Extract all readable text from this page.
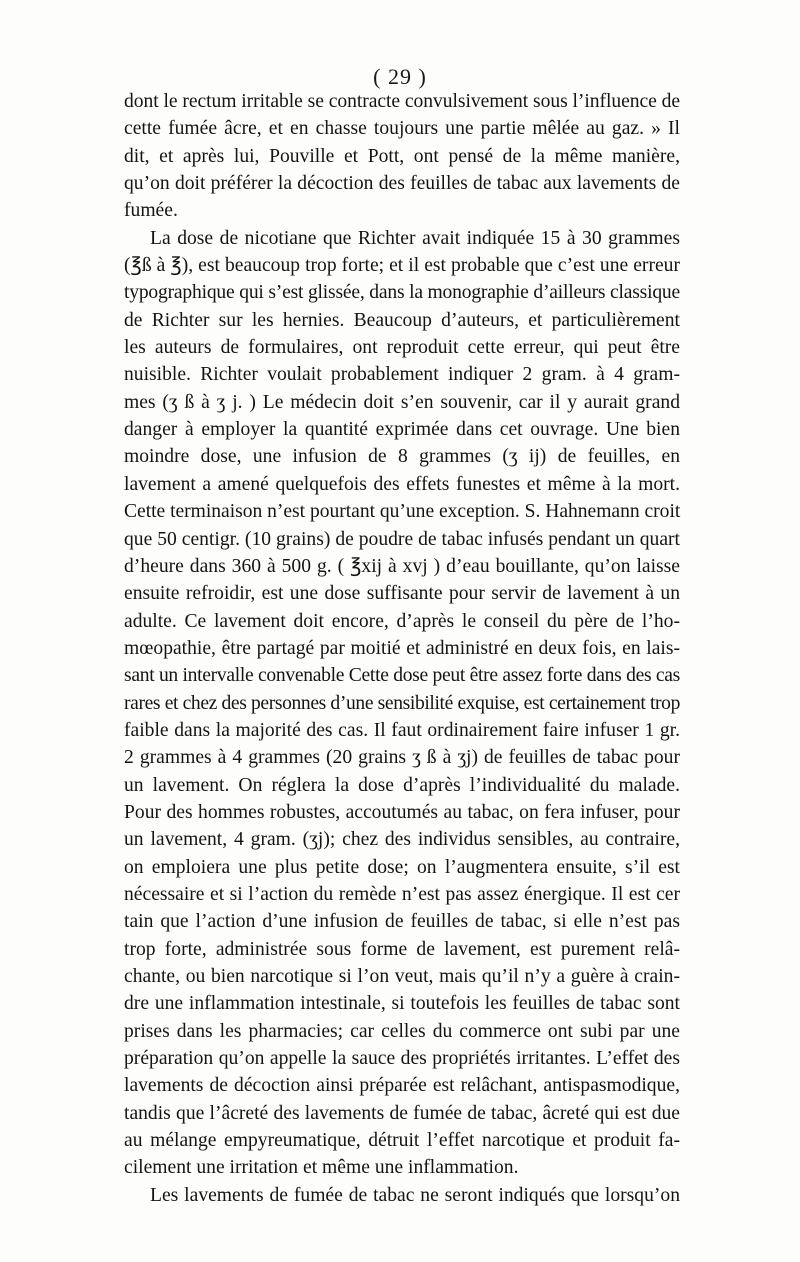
( 29 )
dont le rectum irritable se contracte convulsivement sous l’influence de
cette fumée âcre, et en chasse toujours une partie mêlée au gaz. » Il
dit, et après lui, Pouville et Pott, ont pensé de la même manière,
qu’on doit préférer la décoction des feuilles de tabac aux lavements de
fumée.
La dose de nicotiane que Richter avait indiquée 15 à 30 grammes
(℥ß à ℥), est beaucoup trop forte; et il est probable que c’est une erreur
typographique qui s’est glissée, dans la monographie d’ailleurs classique
de Richter sur les hernies. Beaucoup d’auteurs, et particulièrement
les auteurs de formulaires, ont reproduit cette erreur, qui peut être
nuisible. Richter voulait probablement indiquer 2 gram. à 4 gram-
mes (ʒ ß à ʒ j. ) Le médecin doit s’en souvenir, car il y aurait grand
danger à employer la quantité exprimée dans cet ouvrage. Une bien
moindre dose, une infusion de 8 grammes (ʒ ij) de feuilles, en
lavement a amené quelquefois des effets funestes et même à la mort.
Cette terminaison n’est pourtant qu’une exception. S. Hahnemann croit
que 50 centigr. (10 grains) de poudre de tabac infusés pendant un quart
d’heure dans 360 à 500 g. ( ℥xij à xvj ) d’eau bouillante, qu’on laisse
ensuite refroidir, est une dose suffisante pour servir de lavement à un
adulte. Ce lavement doit encore, d’après le conseil du père de l’ho-
mœopathie, être partagé par moitié et administré en deux fois, en lais-
sant un intervalle convenable Cette dose peut être assez forte dans des cas
rares et chez des personnes d’une sensibilité exquise, est certainement trop
faible dans la majorité des cas. Il faut ordinairement faire infuser 1 gr.
2 grammes à 4 grammes (20 grains ʒ ß à ʒj) de feuilles de tabac pour
un lavement. On réglera la dose d’après l’individualité du malade.
Pour des hommes robustes, accoutumés au tabac, on fera infuser, pour
un lavement, 4 gram. (ʒj); chez des individus sensibles, au contraire,
on emploiera une plus petite dose; on l’augmentera ensuite, s’il est
nécessaire et si l’action du remède n’est pas assez énergique. Il est cer
tain que l’action d’une infusion de feuilles de tabac, si elle n’est pas
trop forte, administrée sous forme de lavement, est purement relâ-
chante, ou bien narcotique si l’on veut, mais qu’il n’y a guère à crain-
dre une inflammation intestinale, si toutefois les feuilles de tabac sont
prises dans les pharmacies; car celles du commerce ont subi par une
préparation qu’on appelle la sauce des propriétés irritantes. L’effet des
lavements de décoction ainsi préparée est relâchant, antispasmodique,
tandis que l’âcreté des lavements de fumée de tabac, âcreté qui est due
au mélange empyreumatique, détruit l’effet narcotique et produit fa-
cilement une irritation et même une inflammation.
Les lavements de fumée de tabac ne seront indiqués que lorsqu’on
